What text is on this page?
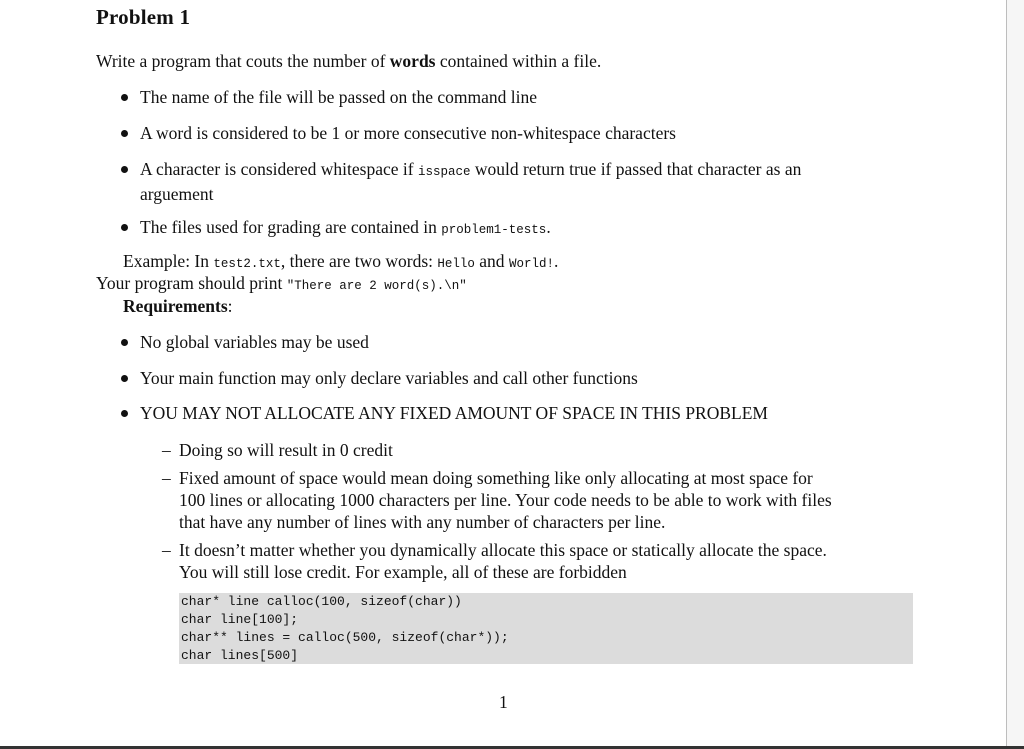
Problem 1
Write a program that couts the number of words contained within a file.
The name of the file will be passed on the command line
A word is considered to be 1 or more consecutive non-whitespace characters
A character is considered whitespace if isspace would return true if passed that character as an
arguement
The files used for grading are contained in problem1-tests.
Example: In test2.txt, there are two words: Hello and World!.
Your program should print "There are 2 word(s).\n"
Requirements:
No global variables may be used
Your main function may only declare variables and call other functions
YOU MAY NOT ALLOCATE ANY FIXED AMOUNT OF SPACE IN THIS PROBLEM
– Doing so will result in 0 credit
– Fixed amount of space would mean doing something like only allocating at most space for
100 lines or allocating 1000 characters per line. Your code needs to be able to work with files
that have any number of lines with any number of characters per line.
– It doesn’t matter whether you dynamically allocate this space or statically allocate the space.
You will still lose credit. For example, all of these are forbidden
char* line calloc(100, sizeof(char))
char line[100];
char** lines = calloc(500, sizeof(char*));
char lines[500]
1
